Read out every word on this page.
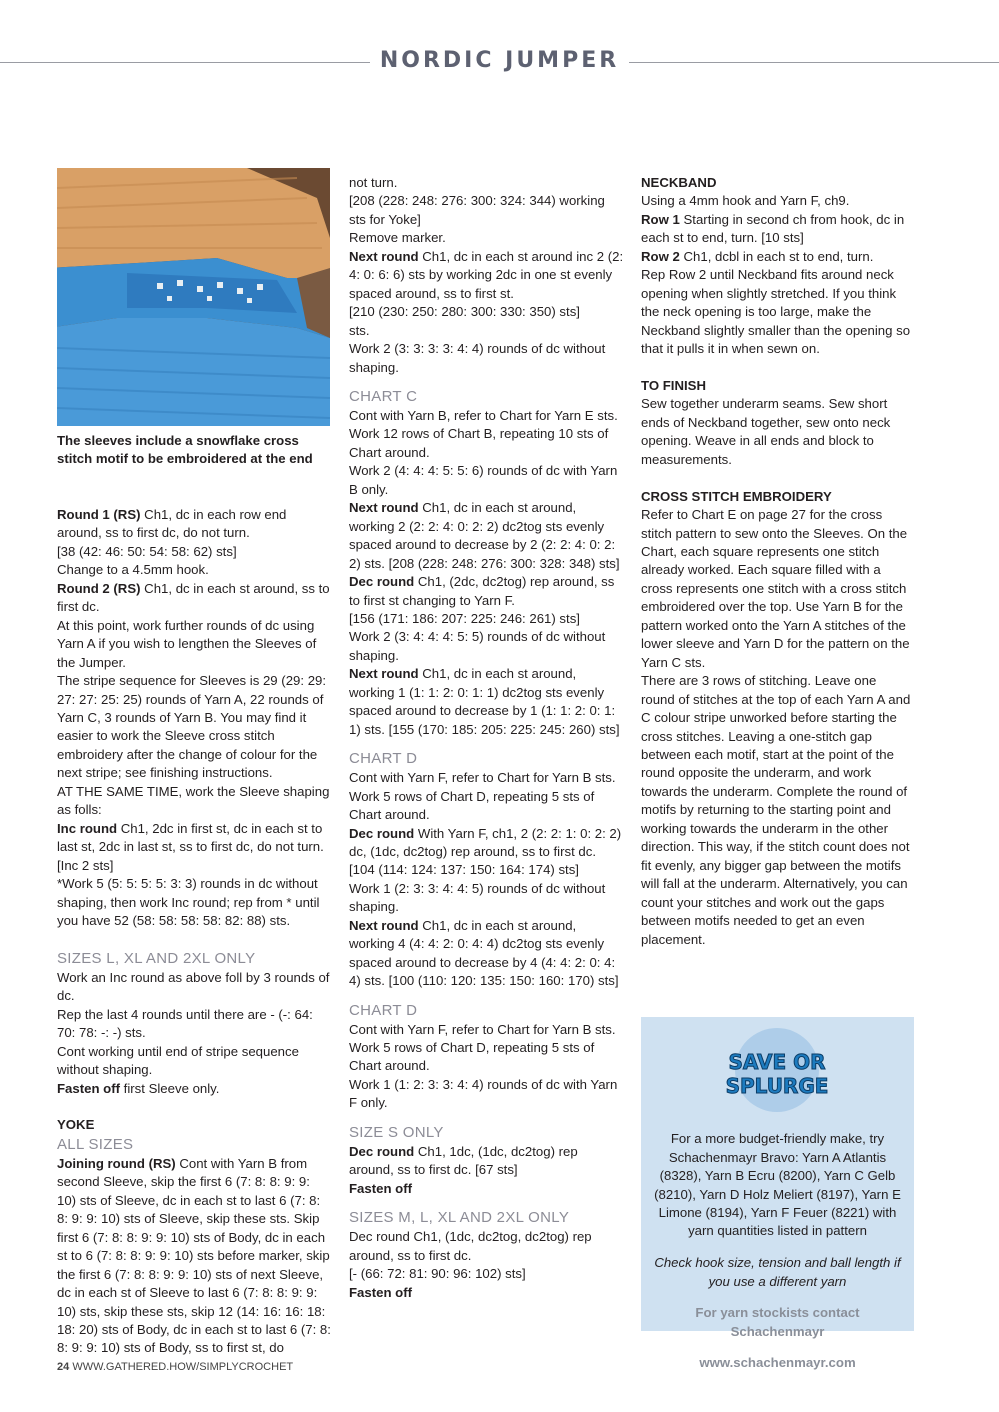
NORDIC JUMPER
The sleeves include a snowflake cross stitch motif to be embroidered at the end

Round 1 (RS) Ch1, dc in each row end around, ss to first dc, do not turn.

[38 (42: 46: 50: 54: 58: 62) sts]

Change to a 4.5mm hook.

Round 2 (RS) Ch1, dc in each st around, ss to first dc.

At this point, work further rounds of dc using Yarn A if you wish to lengthen the Sleeves of the Jumper.

The stripe sequence for Sleeves is 29 (29: 29: 27: 27: 25: 25) rounds of Yarn A, 22 rounds of Yarn C, 3 rounds of Yarn B. You may find it easier to work the Sleeve cross stitch embroidery after the change of colour for the next stripe; see finishing instructions.

AT THE SAME TIME, work the Sleeve shaping as folls:

Inc round Ch1, 2dc in first st, dc in each st to last st, 2dc in last st, ss to first dc, do not turn.

[Inc 2 sts]

*Work 5 (5: 5: 5: 5: 3: 3) rounds in dc without shaping, then work Inc round; rep from * until you have 52 (58: 58: 58: 58: 82: 88) sts.

SIZES L, XL AND 2XL ONLY

Work an Inc round as above foll by 3 rounds of dc.

Rep the last 4 rounds until there are - (-: 64: 70: 78: -: -) sts.

Cont working until end of stripe sequence without shaping.

Fasten off first Sleeve only.

YOKE

ALL SIZES

Joining round (RS) Cont with Yarn B from second Sleeve, skip the first 6 (7: 8: 8: 9: 9: 10) sts of Sleeve, dc in each st to last 6 (7: 8: 8: 9: 9: 10) sts of Sleeve, skip these sts. Skip first 6 (7: 8: 8: 9: 9: 10) sts of Body, dc in each st to 6 (7: 8: 8: 9: 9: 10) sts before marker, skip the first 6 (7: 8: 8: 9: 9: 10) sts of next Sleeve, dc in each st of Sleeve to last 6 (7: 8: 8: 9: 9: 10) sts, skip these sts, skip 12 (14: 16: 16: 18: 18: 20) sts of Body, dc in each st to last 6 (7: 8: 8: 9: 9: 10) sts of Body, ss to first st, do

not turn.

[208 (228: 248: 276: 300: 324: 344) working sts for Yoke]

Remove marker.

Next round Ch1, dc in each st around inc 2 (2: 4: 0: 6: 6) sts by working 2dc in one st evenly spaced around, ss to first st.

[210 (230: 250: 280: 300: 330: 350) sts]

sts.

Work 2 (3: 3: 3: 3: 4: 4) rounds of dc without shaping.

CHART C

Cont with Yarn B, refer to Chart for Yarn E sts. Work 12 rows of Chart B, repeating 10 sts of Chart around.

Work 2 (4: 4: 4: 5: 5: 6) rounds of dc with Yarn B only.

Next round Ch1, dc in each st around, working 2 (2: 2: 4: 0: 2: 2) dc2tog sts evenly spaced around to decrease by 2 (2: 2: 4: 0: 2: 2) sts. [208 (228: 248: 276: 300: 328: 348) sts]

Dec round Ch1, (2dc, dc2tog) rep around, ss to first st changing to Yarn F.

[156 (171: 186: 207: 225: 246: 261) sts]

Work 2 (3: 4: 4: 4: 5: 5) rounds of dc without shaping.

Next round Ch1, dc in each st around, working 1 (1: 1: 2: 0: 1: 1) dc2tog sts evenly spaced around to decrease by 1 (1: 1: 2: 0: 1: 1) sts. [155 (170: 185: 205: 225: 245: 260) sts]

CHART D

Cont with Yarn F, refer to Chart for Yarn B sts. Work 5 rows of Chart D, repeating 5 sts of Chart around.

Dec round With Yarn F, ch1, 2 (2: 2: 1: 0: 2: 2) dc, (1dc, dc2tog) rep around, ss to first dc. [104 (114: 124: 137: 150: 164: 174) sts]

Work 1 (2: 3: 3: 4: 4: 5) rounds of dc without shaping.

Next round Ch1, dc in each st around, working 4 (4: 4: 2: 0: 4: 4) dc2tog sts evenly spaced around to decrease by 4 (4: 4: 2: 0: 4: 4) sts. [100 (110: 120: 135: 150: 160: 170) sts]

CHART D

Cont with Yarn F, refer to Chart for Yarn B sts. Work 5 rows of Chart D, repeating 5 sts of Chart around.

Work 1 (1: 2: 3: 3: 4: 4) rounds of dc with Yarn F only.

SIZE S ONLY

Dec round Ch1, 1dc, (1dc, dc2tog) rep around, ss to first dc. [67 sts]

Fasten off

SIZES M, L, XL AND 2XL ONLY

Dec round Ch1, (1dc, dc2tog, dc2tog) rep around, ss to first dc.

[- (66: 72: 81: 90: 96: 102) sts]

Fasten off

NECKBAND

Using a 4mm hook and Yarn F, ch9.

Row 1 Starting in second ch from hook, dc in each st to end, turn. [10 sts]

Row 2 Ch1, dcbl in each st to end, turn.

Rep Row 2 until Neckband fits around neck opening when slightly stretched. If you think the neck opening is too large, make the Neckband slightly smaller than the opening so that it pulls it in when sewn on.

TO FINISH

Sew together underarm seams. Sew short ends of Neckband together, sew onto neck opening. Weave in all ends and block to measurements.

CROSS STITCH EMBROIDERY

Refer to Chart E on page 27 for the cross stitch pattern to sew onto the Sleeves. On the Chart, each square represents one stitch already worked. Each square filled with a cross represents one stitch with a cross stitch embroidered over the top. Use Yarn B for the pattern worked onto the Yarn A stitches of the lower sleeve and Yarn D for the pattern on the Yarn C sts.

There are 3 rows of stitching. Leave one round of stitches at the top of each Yarn A and C colour stripe unworked before starting the cross stitches. Leaving a one-stitch gap between each motif, start at the point of the round opposite the underarm, and work towards the underarm. Complete the round of motifs by returning to the starting point and working towards the underarm in the other direction. This way, if the stitch count does not fit evenly, any bigger gap between the motifs will fall at the underarm. Alternatively, you can count your stitches and work out the gaps between motifs needed to get an even placement.

SAVE OR
SPLURGE

For a more budget-friendly make, try Schachenmayr Bravo: Yarn A Atlantis (8328), Yarn B Ecru (8200), Yarn C Gelb (8210), Yarn D Holz Meliert (8197), Yarn E Limone (8194), Yarn F Feuer (8221) with yarn quantities listed in pattern

Check hook size, tension and ball length if you use a different yarn

For yarn stockists contact Schachenmayr

www.schachenmayr.com

24 WWW.GATHERED.HOW/SIMPLYCROCHET
